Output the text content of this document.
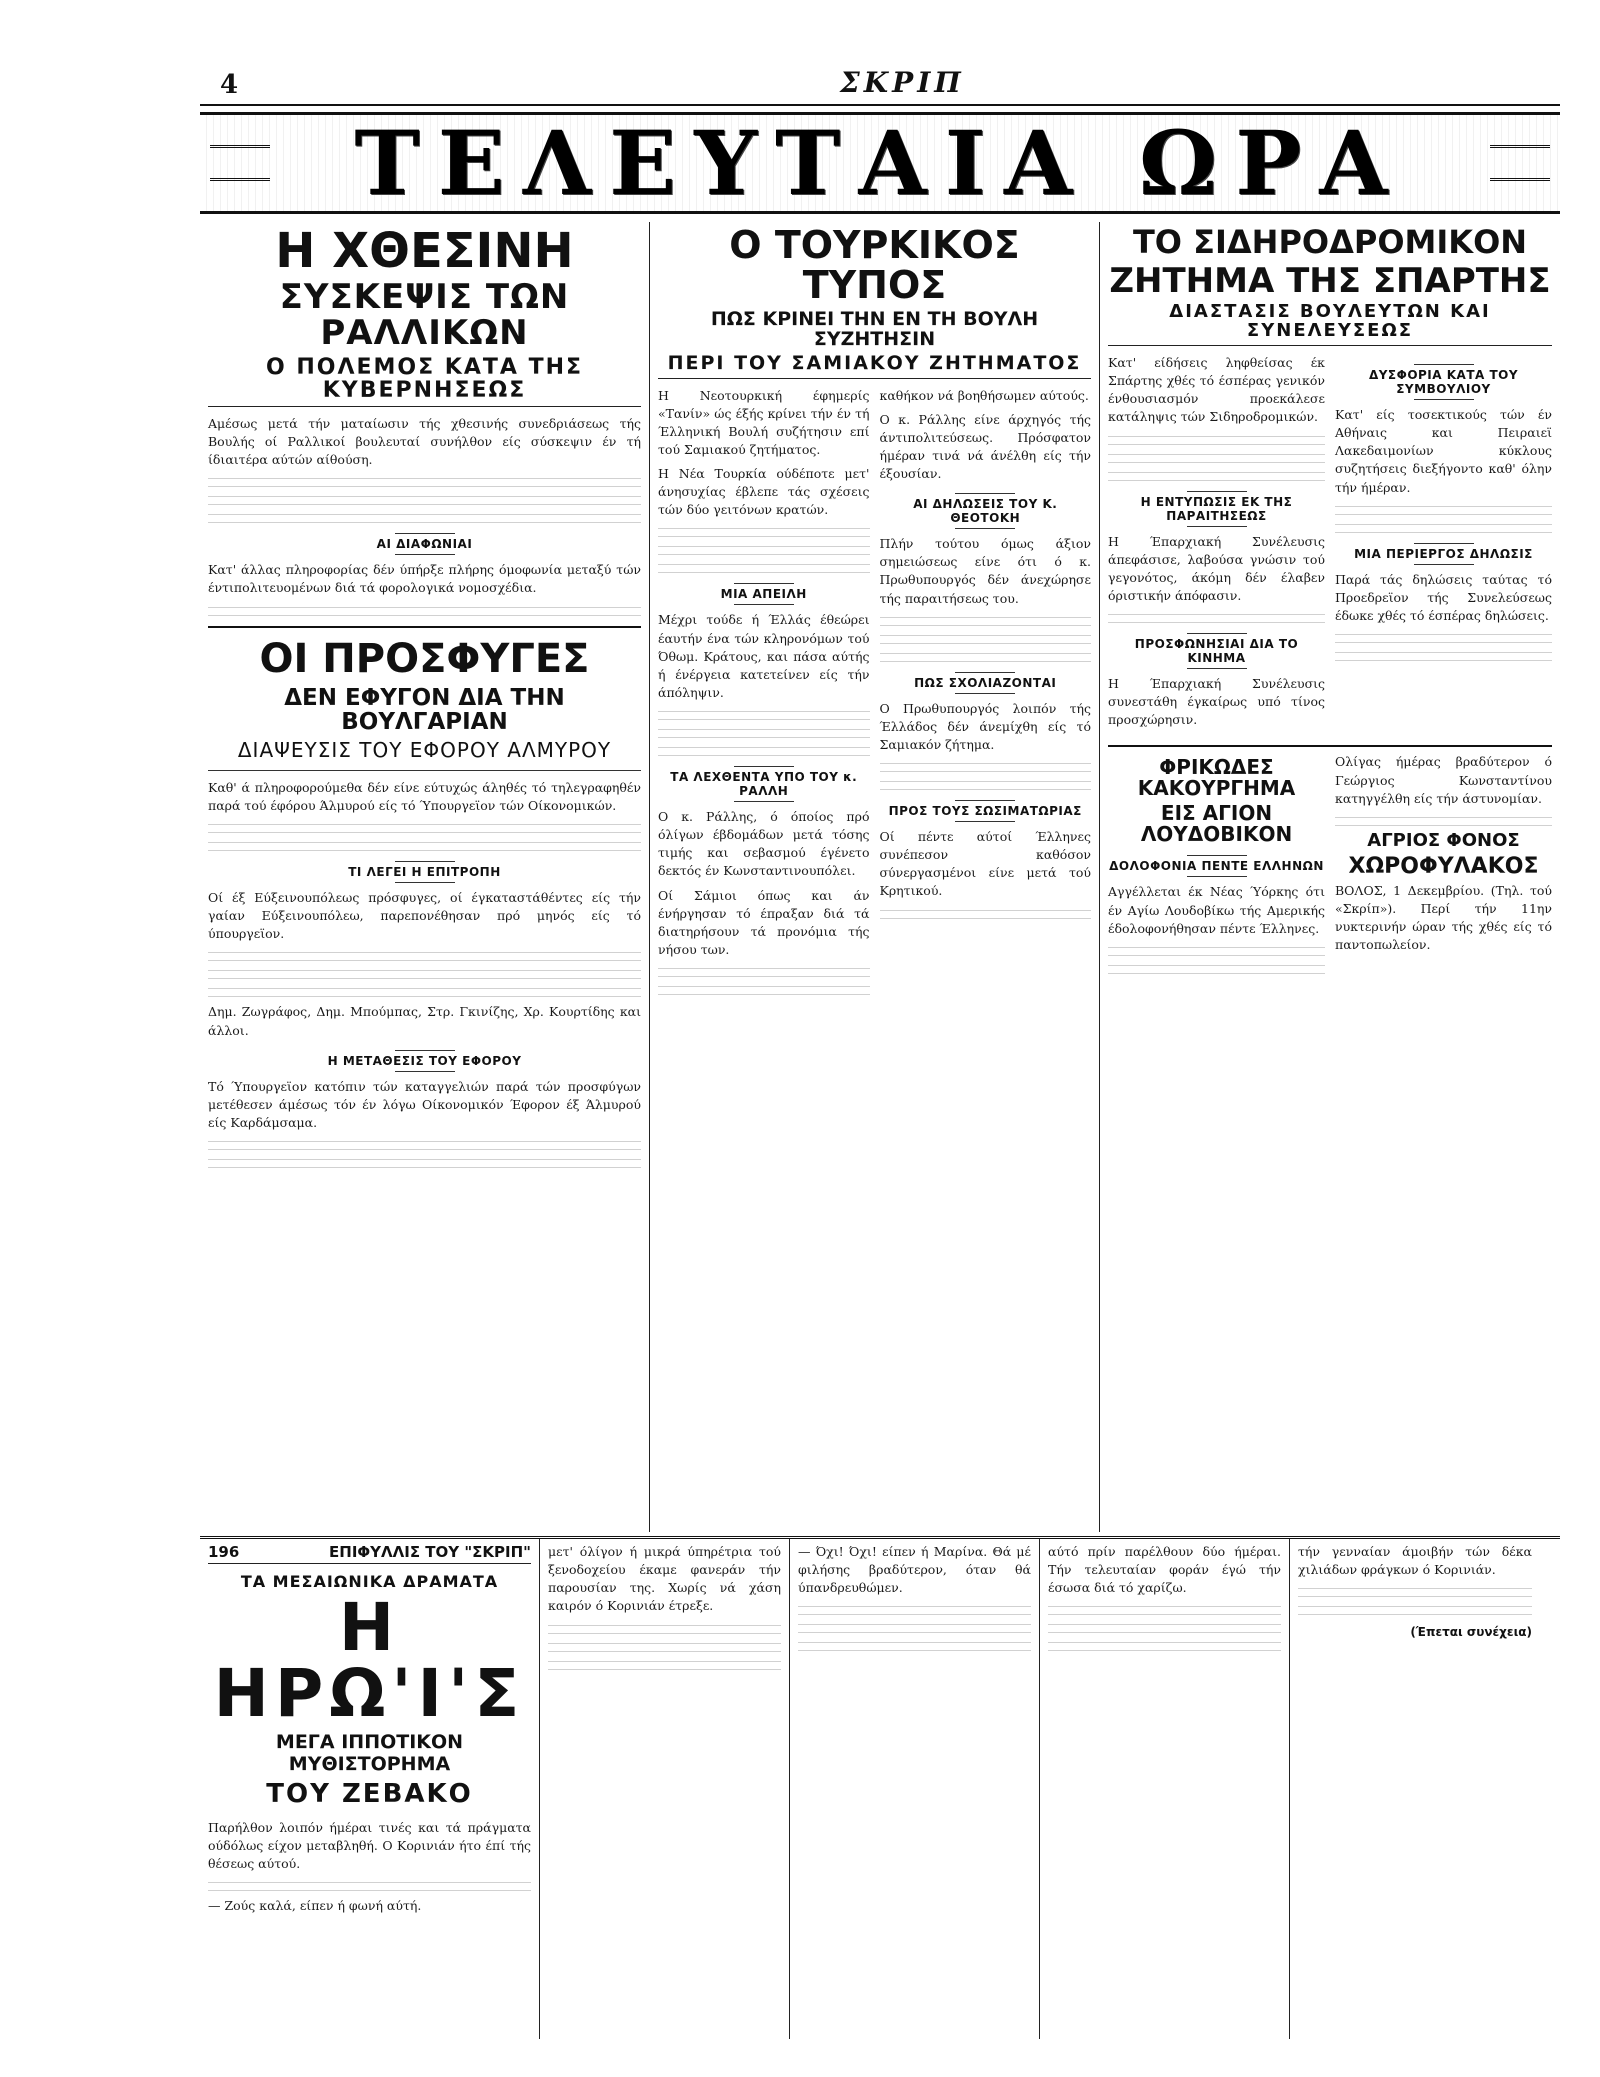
4	ΣΚΡΙΠ
ΤΕΛΕΥΤΑΙΑ ΩΡΑ
Η ΧΘΕΣΙΝΗ
ΣΥΣΚΕΨΙΣ ΤΩΝ ΡΑΛΛΙΚΩΝ
Ο ΠΟΛΕΜΟΣ ΚΑΤΑ ΤΗΣ ΚΥΒΕΡΝΗΣΕΩΣ

Αμέσως μετά τήν ματαίωσιν τής χθεσινής συνεδριάσεως τής Βουλής οί Ραλλικοί βουλευταί συνήλθον είς σύσκεψιν έν τή ίδιαιτέρα αύτών αίθούση.

ΑΙ ΔΙΑΦΩΝΙΑΙ

Κατ' άλλας πληροφορίας δέν ύπήρξε πλήρης όμοφωνία μεταξύ τών έντιπολιτευομένων διά τά φορολογικά νομοσχέδια.

ΟΙ ΠΡΟΣΦΥΓΕΣ
ΔΕΝ ΕΦΥΓΟΝ ΔΙΑ ΤΗΝ ΒΟΥΛΓΑΡΙΑΝ
ΔΙΑΨΕΥΣΙΣ ΤΟΥ ΕΦΟΡΟΥ ΑΛΜΥΡΟΥ

Καθ' ά πληροφορούμεθα δέν είνε εύτυχώς άληθές τό τηλεγραφηθέν παρά τού έφόρου Άλμυρού είς τό Ύπουργεϊον τών Οίκονομικών.

ΤΙ ΛΕΓΕΙ Η ΕΠΙΤΡΟΠΗ

Οί έξ Εύξεινουπόλεως πρόσφυγες, οί έγκαταστάθέντες είς τήν γαίαν Εύξεινουπόλεω, παρεπονέθησαν πρό μηνός είς τό ύπουργεϊον.

Δημ. Ζωγράφος, Δημ. Μπούμπας, Στρ. Γκινίζης, Χρ. Κουρτίδης και άλλοι.

Η ΜΕΤΑΘΕΣΙΣ ΤΟΥ ΕΦΟΡΟΥ

Τό Ύπουργεϊον κατόπιν τών καταγγελιών παρά τών προσφύγων μετέθεσεν άμέσως τόν έν λόγω Οίκονομικόν Έφορον έξ Άλμυρού είς Καρδάμσαμα.

Ο ΤΟΥΡΚΙΚΟΣ ΤΥΠΟΣ
ΠΩΣ ΚΡΙΝΕΙ ΤΗΝ ΕΝ ΤΗ ΒΟΥΛΗ ΣΥΖΗΤΗΣΙΝ
ΠΕΡΙ ΤΟΥ ΣΑΜΙΑΚΟΥ ΖΗΤΗΜΑΤΟΣ

Η Νεοτουρκική έφημερίς «Τανίν» ώς έξής κρίνει τήν έν τή Έλληνική Βουλή συζήτησιν επί τού Σαμιακού ζητήματος.

Η Νέα Τουρκία ούδέποτε μετ' άνησυχίας έβλεπε τάς σχέσεις τών δύο γειτόνων κρατών.

ΜΙΑ ΑΠΕΙΛΗ

Μέχρι τούδε ή Έλλάς έθεώρει έαυτήν ένα τών κληρονόμων τού Όθωμ. Κράτους, και πάσα αύτής ή ένέργεια κατετείνεν είς τήν άπόληψιν.

ΤΑ ΛΕΧΘΕΝΤΑ ΥΠΟ ΤΟΥ κ. ΡΑΛΛΗ

Ο κ. Ράλλης, ό όποίος πρό όλίγων έβδομάδων μετά τόσης τιμής και σεβασμού έγένετο δεκτός έν Κωνσταντινουπόλει.

Οί Σάμιοι όπως και άν ένήργησαν τό έπραξαν διά τά διατηρήσουν τά προνόμια τής νήσου των.

καθήκον νά βοηθήσωμεν αύτούς.

Ο κ. Ράλλης είνε άρχηγός τής άντιπολιτεύσεως. Πρόσφατον ήμέραν τινά νά άνέλθη είς τήν έξουσίαν.

ΑΙ ΔΗΛΩΣΕΙΣ ΤΟΥ Κ. ΘΕΟΤΟΚΗ

Πλήν τούτου όμως άξιον σημειώσεως είνε ότι ό κ. Πρωθυπουργός δέν άνεχώρησε τής παραιτήσεως του.

ΠΩΣ ΣΧΟΛΙΑΖΟΝΤΑΙ

Ο Πρωθυπουργός λοιπόν τής Έλλάδος δέν άνεμίχθη είς τό Σαμιακόν ζήτημα.

ΠΡΟΣ ΤΟΥΣ ΣΩΣΙΜΑΤΩΡΙΑΣ

Οί πέντε αύτοί Έλληνες συνέπεσον καθόσον σύνεργασμένοι είνε μετά τού Κρητικού.

ΤΟ ΣΙΔΗΡΟΔΡΟΜΙΚΟΝ
ΖΗΤΗΜΑ ΤΗΣ ΣΠΑΡΤΗΣ
ΔΙΑΣΤΑΣΙΣ ΒΟΥΛΕΥΤΩΝ ΚΑΙ ΣΥΝΕΛΕΥΣΕΩΣ

Κατ' είδήσεις ληφθείσας έκ Σπάρτης χθές τό έσπέρας γενικόν ένθουσιασμόν προεκάλεσε κατάληψις τών Σιδηροδρομικών.

Η ΕΝΤΥΠΩΣΙΣ ΕΚ ΤΗΣ ΠΑΡΑΙΤΗΣΕΩΣ

Η Έπαρχιακή Συνέλευσις άπεφάσισε, λαβούσα γνώσιν τού γεγονότος, άκόμη δέν έλαβεν όριστικήν άπόφασιν.

ΠΡΟΣΦΩΝΗΣΙΑΙ ΔΙΑ ΤΟ ΚΙΝΗΜΑ

Η Έπαρχιακή Συνέλευσις συνεστάθη έγκαίρως υπό τίνος προσχώρησιν.

ΔΥΣΦΟΡΙΑ ΚΑΤΑ ΤΟΥ ΣΥΜΒΟΥΛΙΟΥ

Κατ' είς τοσεκτικούς τών έν Αθήναις και Πειραιεϊ Λακεδαιμονίων κύκλους συζητήσεις διεξήγοντο καθ' όλην τήν ήμέραν.

ΜΙΑ ΠΕΡΙΕΡΓΟΣ ΔΗΛΩΣΙΣ

Παρά τάς δηλώσεις ταύτας τό Προεδρεϊον τής Συνελεύσεως έδωκε χθές τό έσπέρας δηλώσεις.

ΦΡΙΚΩΔΕΣ ΚΑΚΟΥΡΓΗΜΑ
ΕΙΣ ΑΓΙΟΝ ΛΟΥΔΟΒΙΚΟΝ
ΔΟΛΟΦΟΝΙΑ ΠΕΝΤΕ ΕΛΛΗΝΩΝ

Αγγέλλεται έκ Νέας Ύόρκης ότι έν Αγίω Λουδοβίκω τής Αμερικής έδολοφονήθησαν πέντε Έλληνες.

Ολίγας ήμέρας βραδύτερον ό Γεώργιος Κωνσταντίνου κατηγγέλθη είς τήν άστυνομίαν.

ΑΓΡΙΟΣ ΦΟΝΟΣ
ΧΩΡΟΦΥΛΑΚΟΣ

ΒΟΛΟΣ, 1 Δεκεμβρίου. (Τηλ. τού «Σκρίπ»). Περί τήν 11ην νυκτερινήν ώραν τής χθές είς τό παντοπωλείον.

196	ΕΠΙΦΥΛΛΙΣ ΤΟΥ "ΣΚΡΙΠ"
ΤΑ ΜΕΣΑΙΩΝΙΚΑ ΔΡΑΜΑΤΑ
Η ΗΡΩ'Ι'Σ
ΜΕΓΑ ΙΠΠΟΤΙΚΟΝ ΜΥΘΙΣΤΟΡΗΜΑ
ΤΟΥ ΖΕΒΑΚΟ

Παρήλθον λοιπόν ήμέραι τινές και τά πράγματα ούδόλως είχον μεταβληθή. Ο Κορινιάν ήτο έπί τής θέσεως αύτού.

— Ζούς καλά, είπεν ή φωνή αύτή.

μετ' όλίγον ή μικρά ύπηρέτρια τού ξενοδοχείου έκαμε φανεράν τήν παρουσίαν της. Χωρίς νά χάση καιρόν ό Κορινιάν έτρεξε.

— Όχι! Όχι! είπεν ή Μαρίνα. Θά μέ φιλήσης βραδύτερον, όταν θά ύπανδρευθώμεν.

αύτό πρίν παρέλθουν δύο ήμέραι. Τήν τελευταίαν φοράν έγώ τήν έσωσα διά τό χαρίζω.

τήν γενναίαν άμοιβήν τών δέκα χιλιάδων φράγκων ό Κορινιάν.

(Έπεται συνέχεια)
